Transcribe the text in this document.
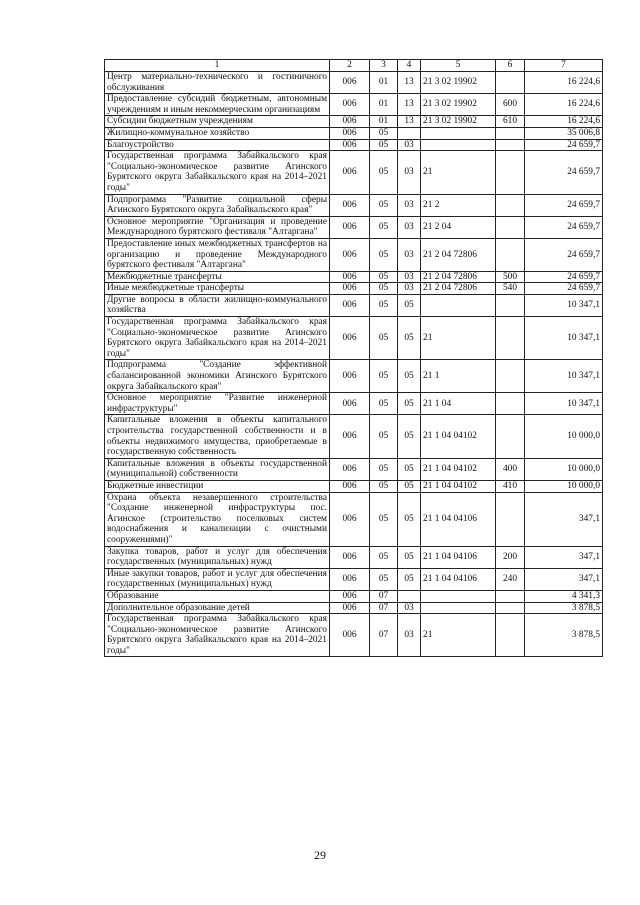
1	2	3	4	5	6	7
Центр материально-технического и гостиничного обслуживания	006	01	13	21 3 02 19902		16 224,6
Предоставление субсидий бюджетным, автономным учреждениям и иным некоммерческим организациям	006	01	13	21 3 02 19902	600	16 224,6
Субсидии бюджетным учреждениям	006	01	13	21 3 02 19902	610	16 224,6
Жилищно-коммунальное хозяйство	006	05				35 006,8
Благоустройство	006	05	03			24 659,7
Государственная программа Забайкальского края "Социально-экономическое развитие Агинского Бурятского округа Забайкальского края на 2014–2021 годы"	006	05	03	21		24 659,7
Подпрограмма "Развитие социальной сферы Агинского Бурятского округа Забайкальского края"	006	05	03	21 2		24 659,7
Основное мероприятие "Организация и проведение Международного бурятского фестиваля "Алтаргана"	006	05	03	21 2 04		24 659,7
Предоставление иных межбюджетных трансфертов на организацию и проведение Международного бурятского фестиваля "Алтаргана"	006	05	03	21 2 04 72806		24 659,7
Межбюджетные трансферты	006	05	03	21 2 04 72806	500	24 659,7
Иные межбюджетные трансферты	006	05	03	21 2 04 72806	540	24 659,7
Другие вопросы в области жилищно-коммунального хозяйства	006	05	05			10 347,1
Государственная программа Забайкальского края "Социально-экономическое развитие Агинского Бурятского округа Забайкальского края на 2014–2021 годы"	006	05	05	21		10 347,1
Подпрограмма "Создание эффективной сбалансированной экономики Агинского Бурятского округа Забайкальского края"	006	05	05	21 1		10 347,1
Основное мероприятие "Развитие инженерной инфраструктуры"	006	05	05	21 1 04		10 347,1
Капитальные вложения в объекты капитального строительства государственной собственности и в объекты недвижимого имущества, приобретаемые в государственную собственность	006	05	05	21 1 04 04102		10 000,0
Капитальные вложения в объекты государственной (муниципальной) собственности	006	05	05	21 1 04 04102	400	10 000,0
Бюджетные инвестиции	006	05	05	21 1 04 04102	410	10 000,0
Охрана объекта незавершенного строительства "Создание инженерной инфраструктуры пос. Агинское (строительство поселковых систем водоснабжения и канализации с очистными сооружениями)"	006	05	05	21 1 04 04106		347,1
Закупка товаров, работ и услуг для обеспечения государственных (муниципальных) нужд	006	05	05	21 1 04 04106	200	347,1
Иные закупки товаров, работ и услуг для обеспечения государственных (муниципальных) нужд	006	05	05	21 1 04 04106	240	347,1
Образование	006	07				4 341,3
Дополнительное образование детей	006	07	03			3 878,5
Государственная программа Забайкальского края "Социально-экономическое развитие Агинского Бурятского округа Забайкальского края на 2014–2021 годы"	006	07	03	21		3 878,5
29
